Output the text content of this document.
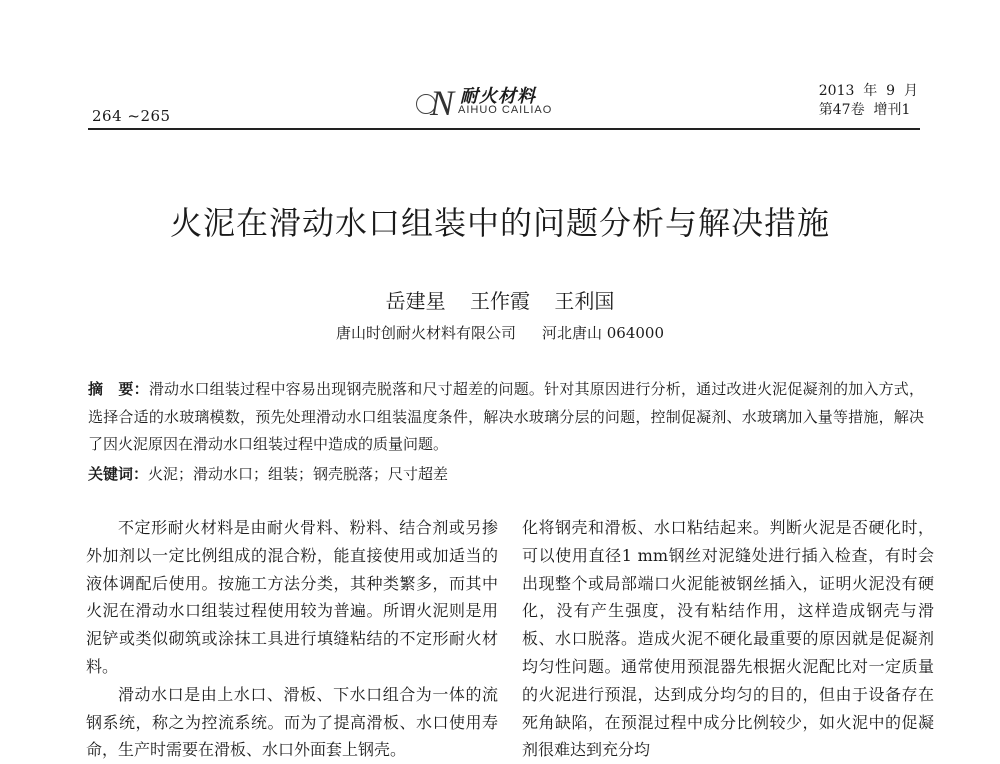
264 ~265	N 耐火材料
AIHUO CAILIAO
2013  年  9  月
第47卷  增刊1
火泥在滑动水口组装中的问题分析与解决措施
岳建星 王作霞 王利国
唐山时创耐火材料有限公司 河北唐山 064000
摘　要：滑动水口组装过程中容易出现钢壳脱落和尺寸超差的问题。针对其原因进行分析，通过改进火泥促凝剂的加入方式，选择合适的水玻璃模数，预先处理滑动水口组装温度条件，解决水玻璃分层的问题，控制促凝剂、水玻璃加入量等措施，解决了因火泥原因在滑动水口组装过程中造成的质量问题。
关键词：火泥；滑动水口；组装；钢壳脱落；尺寸超差

不定形耐火材料是由耐火骨料、粉料、结合剂或另掺外加剂以一定比例组成的混合粉，能直接使用或加适当的液体调配后使用。按施工方法分类，其种类繁多，而其中火泥在滑动水口组装过程使用较为普遍。所谓火泥则是用泥铲或类似砌筑或涂抹工具进行填缝粘结的不定形耐火材料。

滑动水口是由上水口、滑板、下水口组合为一体的流钢系统，称之为控流系统。而为了提高滑板、水口使用寿命，生产时需要在滑板、水口外面套上钢壳。

化将钢壳和滑板、水口粘结起来。判断火泥是否硬化时，可以使用直径1 mm钢丝对泥缝处进行插入检查，有时会出现整个或局部端口火泥能被钢丝插入，证明火泥没有硬化，没有产生强度，没有粘结作用，这样造成钢壳与滑板、水口脱落。造成火泥不硬化最重要的原因就是促凝剂均匀性问题。通常使用预混器先根据火泥配比对一定质量的火泥进行预混，达到成分均匀的目的，但由于设备存在死角缺陷，在预混过程中成分比例较少，如火泥中的促凝剂很难达到充分均
